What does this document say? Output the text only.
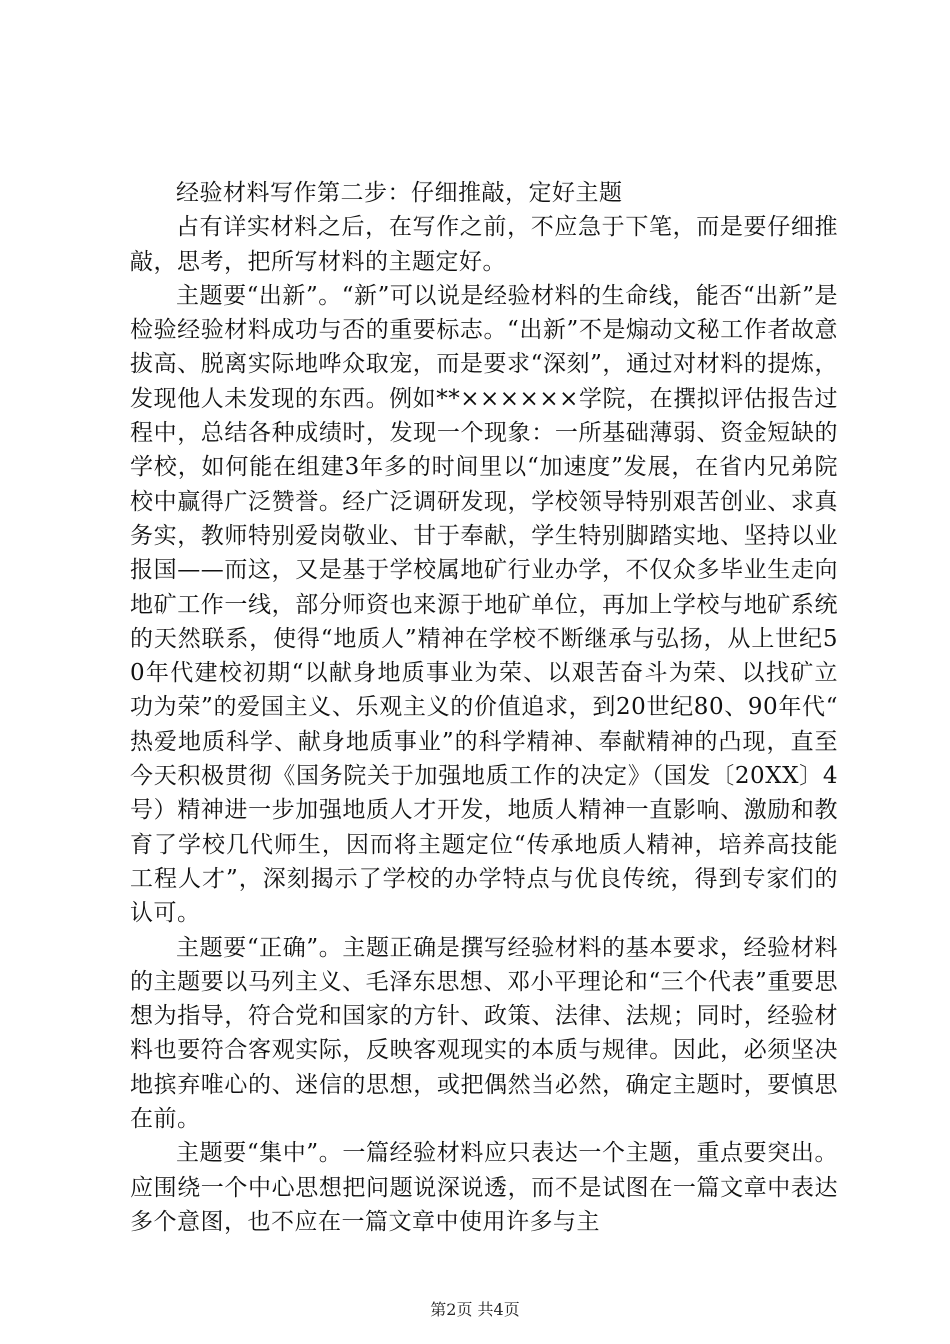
经验材料写作第二步：仔细推敲，定好主题

占有详实材料之后，在写作之前，不应急于下笔，而是要仔细推敲，思考，把所写材料的主题定好。

主题要“出新”。“新”可以说是经验材料的生命线，能否“出新”是检验经验材料成功与否的重要标志。“出新”不是煽动文秘工作者故意拔高、脱离实际地哗众取宠，而是要求“深刻”，通过对材料的提炼，发现他人未发现的东西。例如**××××××学院，在撰拟评估报告过程中，总结各种成绩时，发现一个现象：一所基础薄弱、资金短缺的学校，如何能在组建3年多的时间里以“加速度”发展，在省内兄弟院校中赢得广泛赞誉。经广泛调研发现，学校领导特别艰苦创业、求真务实，教师特别爱岗敬业、甘于奉献，学生特别脚踏实地、坚持以业报国——而这，又是基于学校属地矿行业办学，不仅众多毕业生走向地矿工作一线，部分师资也来源于地矿单位，再加上学校与地矿系统的天然联系，使得“地质人”精神在学校不断继承与弘扬，从上世纪50年代建校初期“以献身地质事业为荣、以艰苦奋斗为荣、以找矿立功为荣”的爱国主义、乐观主义的价值追求，到20世纪80、90年代“热爱地质科学、献身地质事业”的科学精神、奉献精神的凸现，直至今天积极贯彻《国务院关于加强地质工作的决定》（国发〔20XX〕4号）精神进一步加强地质人才开发，地质人精神一直影响、激励和教育了学校几代师生，因而将主题定位“传承地质人精神，培养高技能工程人才”，深刻揭示了学校的办学特点与优良传统，得到专家们的认可。

主题要“正确”。主题正确是撰写经验材料的基本要求，经验材料的主题要以马列主义、毛泽东思想、邓小平理论和“三个代表”重要思想为指导，符合党和国家的方针、政策、法律、法规；同时，经验材料也要符合客观实际，反映客观现实的本质与规律。因此，必须坚决地摈弃唯心的、迷信的思想，或把偶然当必然，确定主题时，要慎思在前。

主题要“集中”。一篇经验材料应只表达一个主题，重点要突出。应围绕一个中心思想把问题说深说透，而不是试图在一篇文章中表达多个意图，也不应在一篇文章中使用许多与主

第2页 共4页
